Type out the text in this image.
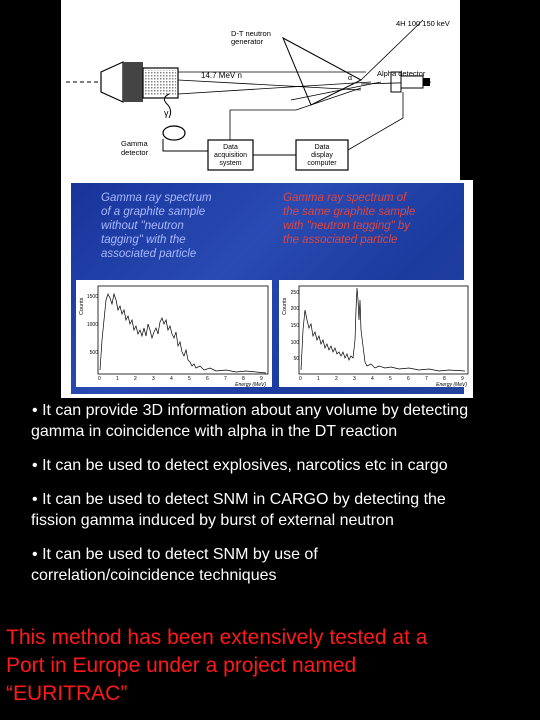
D-T neutron
generator
4H 100 150 keV
14.7 MeV n	Alpha detector
α
γ
Gamma
detector
Data
acquisition
system
Data
display
computer

Gamma ray spectrum
of a graphite sample
without "neutron
tagging" with the
associated particle

Gamma ray spectrum of
the same graphite sample
with "neutron tagging" by
the associated particle

Counts
1500
1000
500
0	1	2	3	4	5	6	7	8	9
Energy (MeV)
Counts
250
200
150
100
50
0	1	2	3	4	5	6	7	8	9
Energy (MeV)

• It can provide 3D information about any volume by detecting
gamma in coincidence with alpha in the DT reaction

• It can be used to detect explosives, narcotics etc in cargo

• It can be used to detect SNM in CARGO by detecting the
fission gamma induced by burst of external neutron

• It can be used to detect SNM by use of
correlation/coincidence techniques

This method has been extensively tested at a
Port in Europe under a project named
“EURITRAC”
